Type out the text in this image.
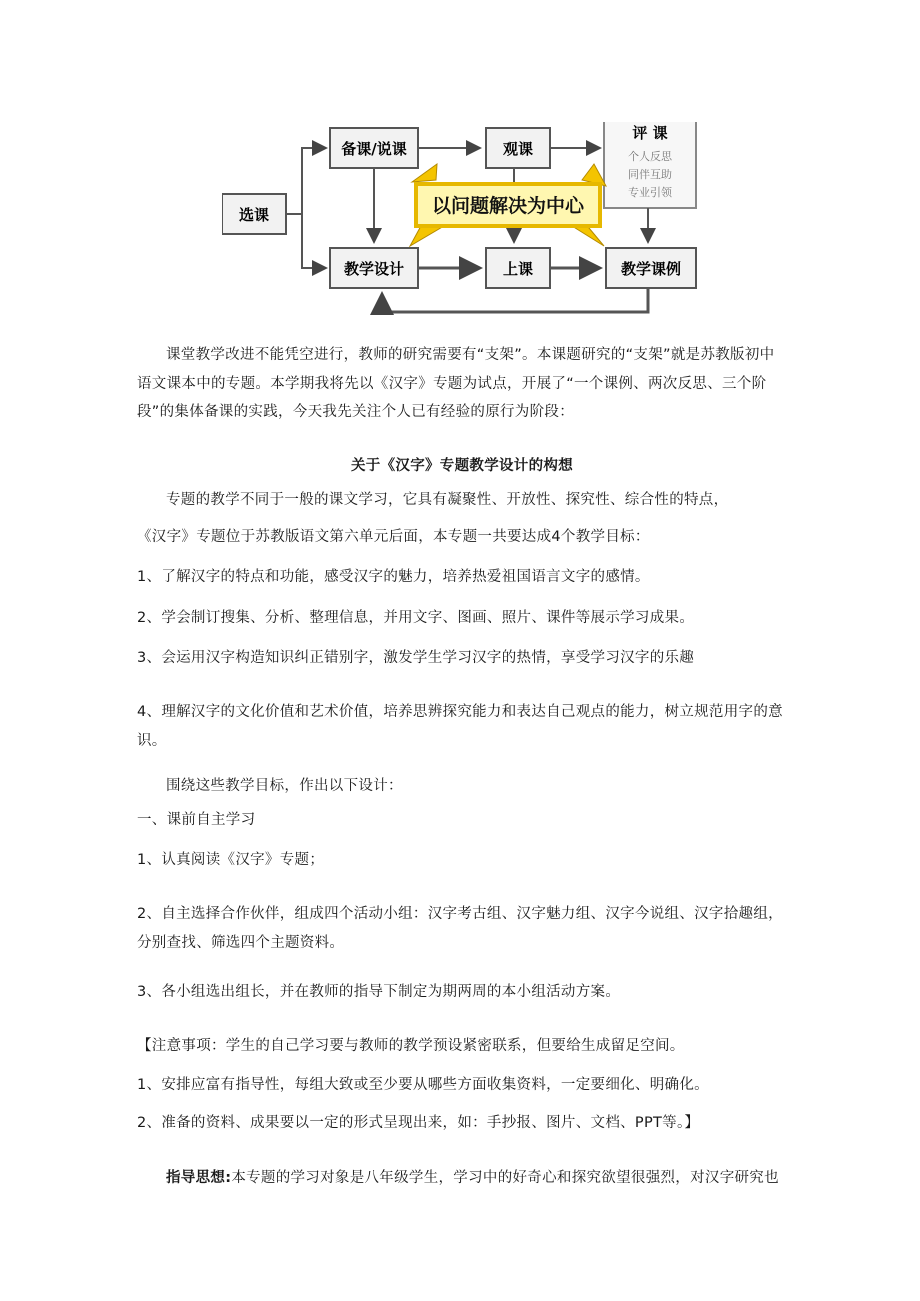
选课
备课/说课	观课
评 课
个人反思
同伴互助
专业引领
教学设计	上课	教学课例
以问题解决为中心

课堂教学改进不能凭空进行，教师的研究需要有“支架”。本课题研究的“支架”就是苏教版初中语文课本中的专题。本学期我将先以《汉字》专题为试点，开展了“一个课例、两次反思、三个阶段”的集体备课的实践，今天我先关注个人已有经验的原行为阶段：

关于《汉字》专题教学设计的构想

专题的教学不同于一般的课文学习，它具有凝聚性、开放性、探究性、综合性的特点，

《汉字》专题位于苏教版语文第六单元后面，本专题一共要达成4个教学目标：

1、了解汉字的特点和功能，感受汉字的魅力，培养热爱祖国语言文字的感情。

2、学会制订搜集、分析、整理信息，并用文字、图画、照片、课件等展示学习成果。

3、会运用汉字构造知识纠正错别字，激发学生学习汉字的热情，享受学习汉字的乐趣

4、理解汉字的文化价值和艺术价值，培养思辨探究能力和表达自己观点的能力，树立规范用字的意识。

围绕这些教学目标，作出以下设计：

一、课前自主学习

1、认真阅读《汉字》专题；

2、自主选择合作伙伴，组成四个活动小组：汉字考古组、汉字魅力组、汉字今说组、汉字拾趣组，分别查找、筛选四个主题资料。

3、各小组选出组长，并在教师的指导下制定为期两周的本小组活动方案。

【注意事项：学生的自己学习要与教师的教学预设紧密联系，但要给生成留足空间。

1、安排应富有指导性，每组大致或至少要从哪些方面收集资料，一定要细化、明确化。

2、准备的资料、成果要以一定的形式呈现出来，如：手抄报、图片、文档、PPT等。】

指导思想:本专题的学习对象是八年级学生，学习中的好奇心和探究欲望很强烈，对汉字研究也
